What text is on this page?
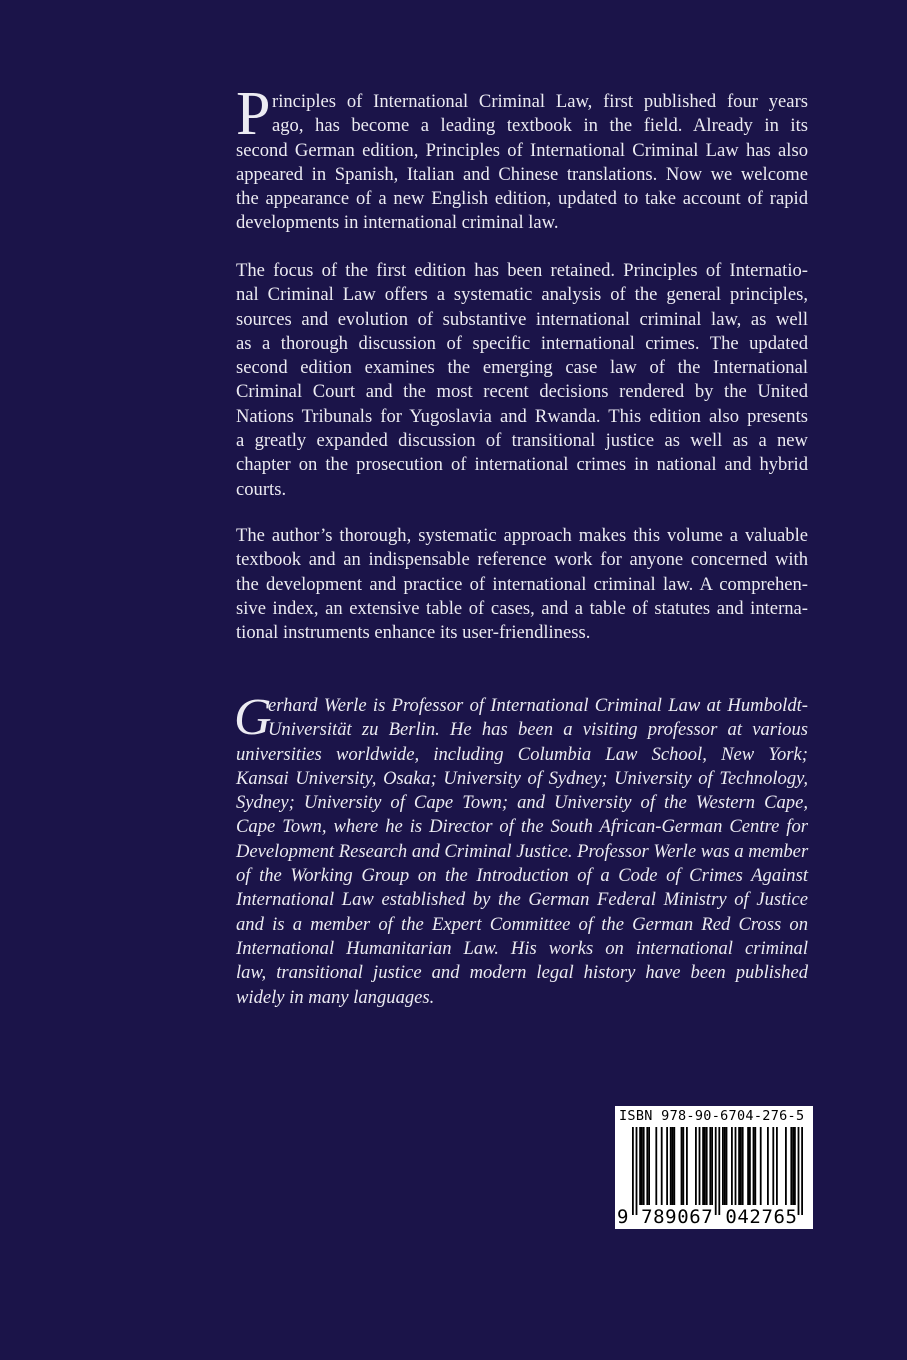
P rinciples of International Criminal Law, first published four years
ago, has become a leading textbook in the field. Already in its
second German edition, Principles of International Criminal Law has also
appeared in Spanish, Italian and Chinese translations. Now we welcome
the appearance of a new English edition, updated to take account of rapid
developments in international criminal law.
The focus of the first edition has been retained. Principles of Internatio-
nal Criminal Law offers a systematic analysis of the general principles,
sources and evolution of substantive international criminal law, as well
as a thorough discussion of specific international crimes. The updated
second edition examines the emerging case law of the International
Criminal Court and the most recent decisions rendered by the United
Nations Tribunals for Yugoslavia and Rwanda. This edition also presents
a greatly expanded discussion of transitional justice as well as a new
chapter on the prosecution of international crimes in national and hybrid
courts.
The author’s thorough, systematic approach makes this volume a valuable
textbook and an indispensable reference work for anyone concerned with
the development and practice of international criminal law. A comprehen-
sive index, an extensive table of cases, and a table of statutes and interna-
tional instruments enhance its user-friendliness.
G
erhard Werle is Professor of International Criminal Law at Humboldt-
Universität zu Berlin. He has been a visiting professor at various
universities worldwide, including Columbia Law School, New York;
Kansai University, Osaka; University of Sydney; University of Technology,
Sydney; University of Cape Town; and University of the Western Cape,
Cape Town, where he is Director of the South African-German Centre for
Development Research and Criminal Justice. Professor Werle was a member
of the Working Group on the Introduction of a Code of Crimes Against
International Law established by the German Federal Ministry of Justice
and is a member of the Expert Committee of the German Red Cross on
International Humanitarian Law. His works on international criminal
law, transitional justice and modern legal history have been published
widely in many languages.
ISBN 978-90-6704-276-5
9 789067 042765
